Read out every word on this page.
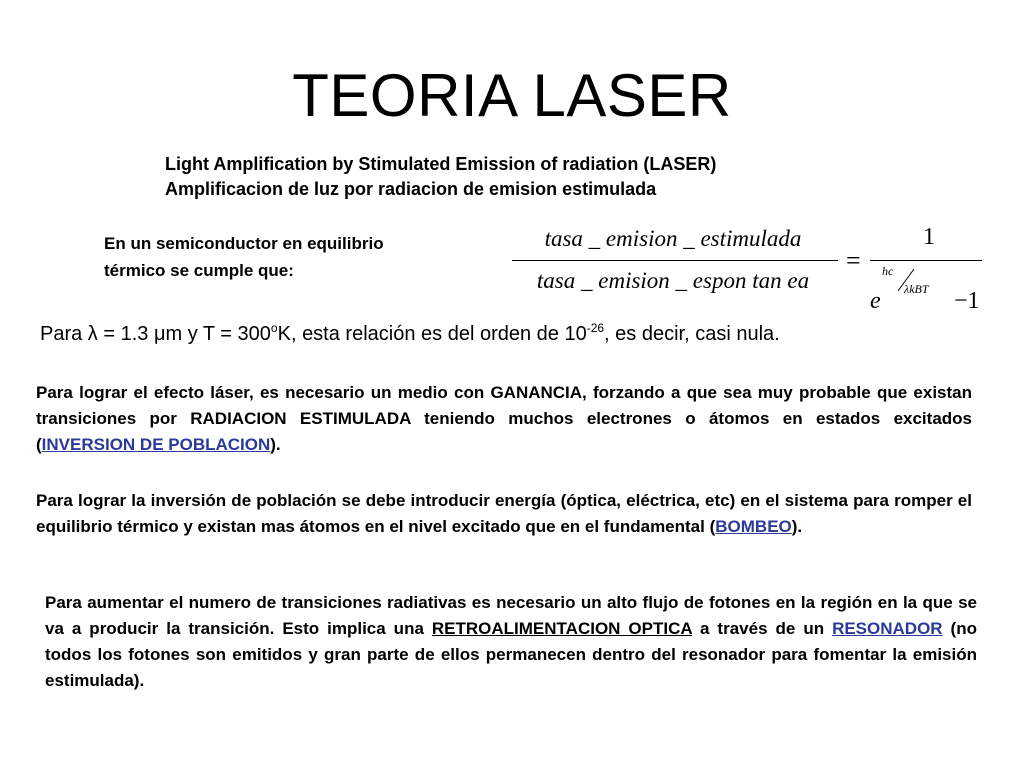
TEORIA LASER
Light Amplification by Stimulated Emission of radiation (LASER)
Amplificacion de luz por radiacion de emision estimulada
En un semiconductor en equilibrio
térmico se cumple que:
tasa _ emision _ estimulada
tasa _ emision _ espon tan ea
=
1
e
hc
λkBT −1
Para λ = 1.3 μm y $T = 300^oK$, esta relación es del orden de $10^{-26}$, es decir, casi nula.
Para lograr el efecto láser, es necesario un medio con GANANCIA, forzando a que sea muy probable que existan transiciones por RADIACION ESTIMULADA teniendo muchos electrones o átomos en estados excitados (INVERSION DE POBLACION).
Para lograr la inversión de población se debe introducir energía (óptica, eléctrica, etc) en el sistema para romper el equilibrio térmico y existan mas átomos en el nivel excitado que en el fundamental (BOMBEO).
Para aumentar el numero de transiciones radiativas es necesario un alto flujo de fotones en la región en la que se va a producir la transición. Esto implica una RETROALIMENTACION OPTICA a través de un RESONADOR (no todos los fotones son emitidos y gran parte de ellos permanecen dentro del resonador para fomentar la emisión estimulada).
